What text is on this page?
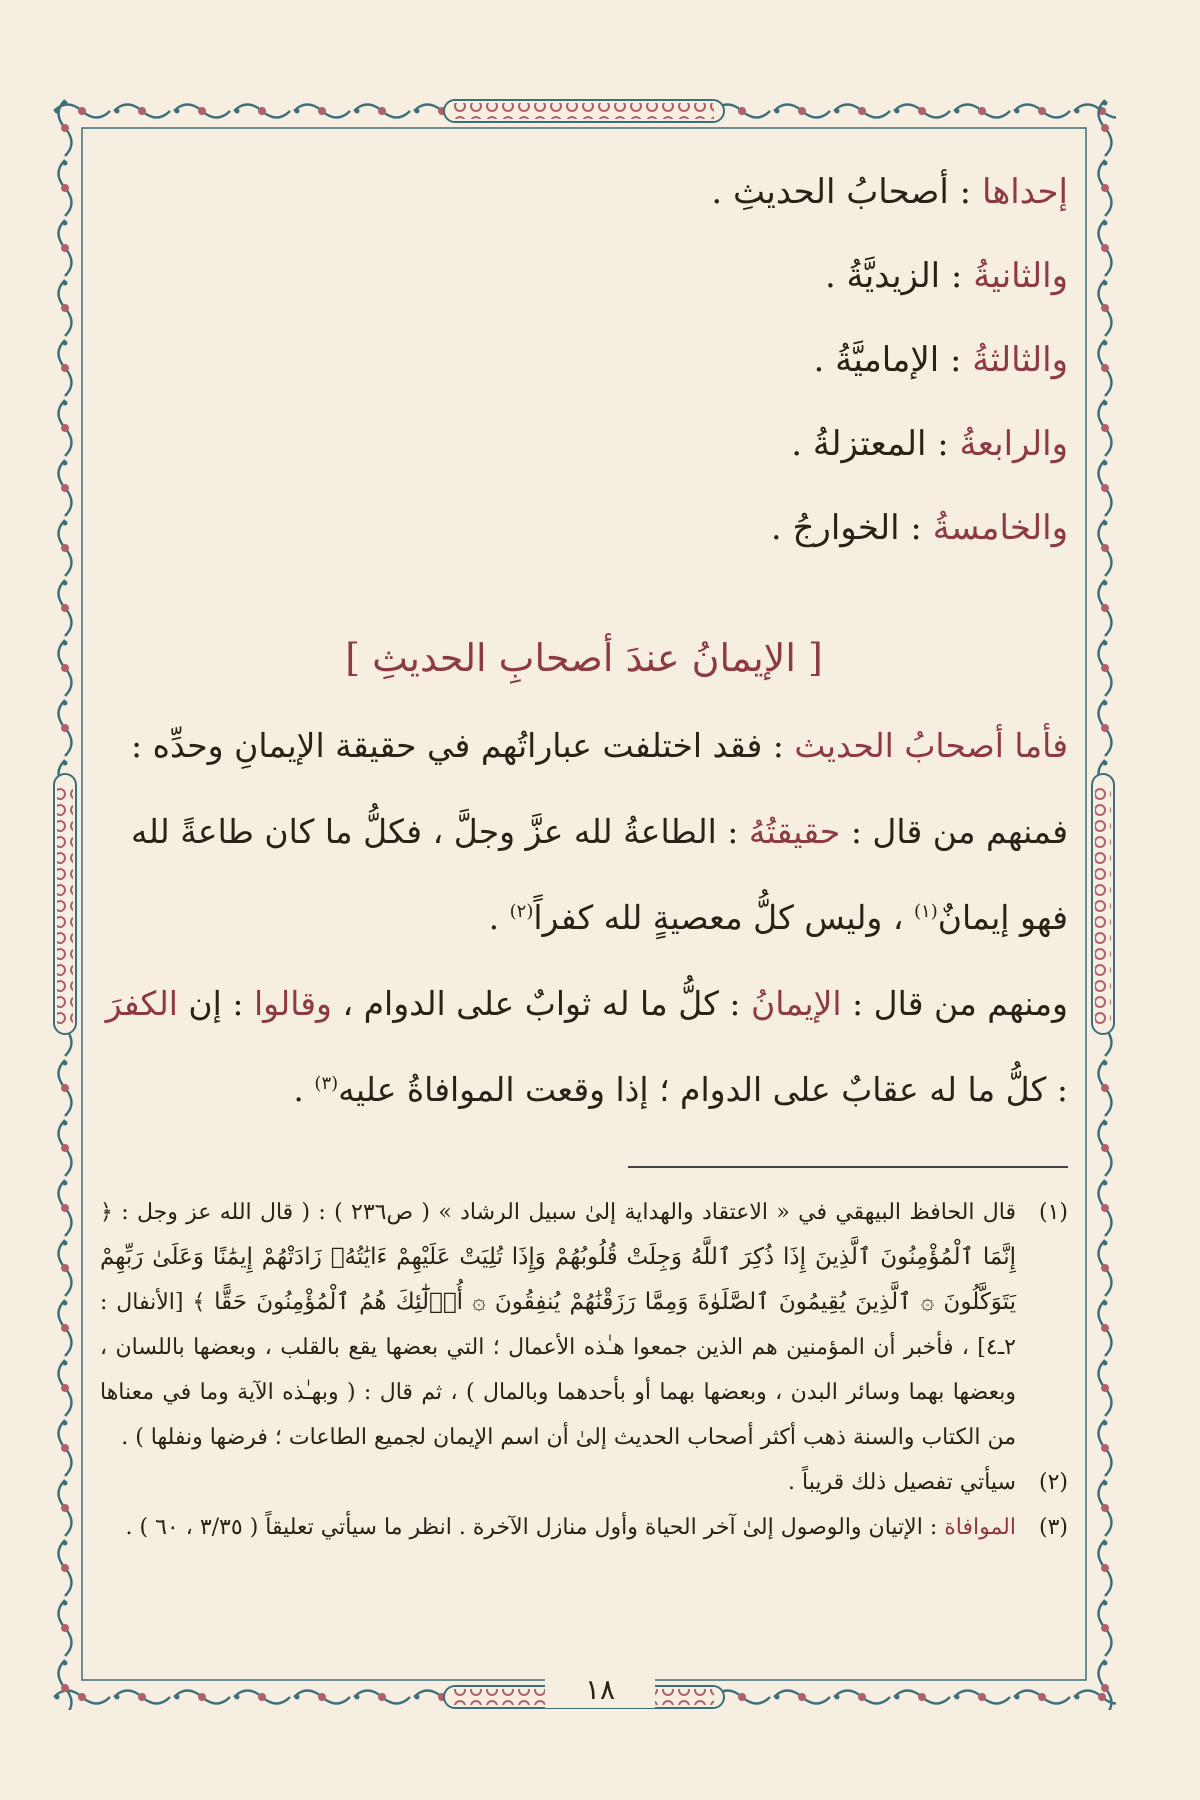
إحداها : أصحابُ الحديثِ .
والثانيةُ : الزيديَّةُ .
والثالثةُ : الإماميَّةُ .
والرابعةُ : المعتزلةُ .
والخامسةُ : الخوارجُ .
[ الإيمانُ عندَ أصحابِ الحديثِ ]

فأما أصحابُ الحديث : فقد اختلفت عباراتُهم في حقيقة الإيمانِ وحدِّه :

فمنهم من قال : حقيقتُهُ : الطاعةُ لله عزَّ وجلَّ ، فكلُّ ما كان طاعةً لله فهو إيمانٌ$^{(١)}$ ، وليس كلُّ معصيةٍ لله كفراً$^{(٢)}$ .

ومنهم من قال : الإيمانُ : كلُّ ما له ثوابٌ على الدوام ، وقالوا : إن الكفرَ : كلُّ ما له عقابٌ على الدوام ؛ إذا وقعت الموافاةُ عليه$^{(٣)}$ .

(١)
قال الحافظ البيهقي في « الاعتقاد والهداية إلىٰ سبيل الرشاد » ( ص٢٣٦ ) : ( قال الله عز وجل : ﴿ إِنَّمَا ٱلْمُؤْمِنُونَ ٱلَّذِينَ إِذَا ذُكِرَ ٱللَّهُ وَجِلَتْ قُلُوبُهُمْ وَإِذَا تُلِيَتْ عَلَيْهِمْ ءَايَٰتُهُۥ زَادَتْهُمْ إِيمَٰنًا وَعَلَىٰ رَبِّهِمْ يَتَوَكَّلُونَ ۞ ٱلَّذِينَ يُقِيمُونَ ٱلصَّلَوٰةَ وَمِمَّا رَزَقْنَٰهُمْ يُنفِقُونَ ۞ أُو۟لَٰٓئِكَ هُمُ ٱلْمُؤْمِنُونَ حَقًّا ﴾ [الأنفال : ٢ـ٤] ، فأخبر أن المؤمنين هم الذين جمعوا هـٰذه الأعمال ؛ التي بعضها يقع بالقلب ، وبعضها باللسان ، وبعضها بهما وسائر البدن ، وبعضها بهما أو بأحدهما وبالمال ) ، ثم قال : ( وبهـٰذه الآية وما في معناها من الكتاب والسنة ذهب أكثر أصحاب الحديث إلىٰ أن اسم الإيمان لجميع الطاعات ؛ فرضها ونفلها ) .
(٢)
سيأتي تفصيل ذلك قريباً .
(٣)
الموافاة : الإتيان والوصول إلىٰ آخر الحياة وأول منازل الآخرة . انظر ما سيأتي تعليقاً ( ٣/٣٥ ، ٦٠ ) .
١٨
